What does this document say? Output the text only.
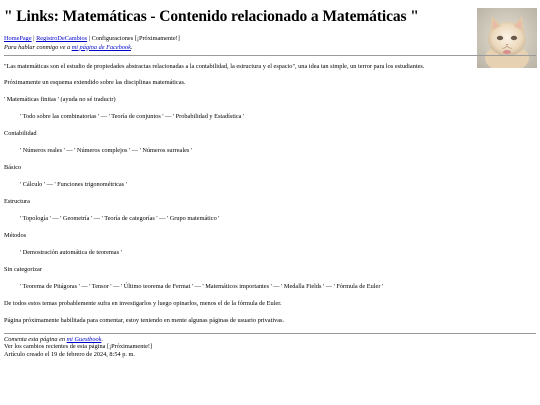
" Links: Matemáticas - Contenido relacionado a Matemáticas "
HomePage | RegistroDeCambios | Configuraciones [¡Próximamente!]
Para hablar conmigo ve a mi página de Facebook.

"Las matemáticas son el estudio de propiedades abstractas relacionadas a la contabilidad, la estructura y el espacio", una idea tan simple, un terror para los estudiantes.

Próximamente un esquema extendido sobre las disciplinas matemáticas.

' Matemáticas finitas ' (ayuda no sé traducir)

' Todo sobre las combinatorias ' — ' Teoría de conjuntos ' — ' Probabilidad y Estadística '

Contabilidad

' Números reales ' — ' Números complejos ' — ' Números surreales '

Básico

' Cálculo ' — ' Funciones trigonométricas '

Estructura

' Topología ' — ' Geometría ' — ' Teoría de categorías ' — ' Grupo matemático '

Métodos

' Demostración automática de teoremas '

Sin categorizar

' Teorema de Pitágoras ' — ' Tensor ' — ' Último teorema de Fermat ' — ' Matemáticos importantes ' — ' Medalla Fields ' — ' Fórmula de Euler '

De todos estos temas probablemente sufra en investigarlos y luego opinarlos, menos el de la fórmula de Euler.

Página próximamente habilitada para comentar, estoy teniendo en mente algunas páginas de usuario privativas.

Comenta esta página en mi Guestbook.
Ver los cambios recientes de esta página [¡Próximamente!]
Artículo creado el 19 de febrero de 2024, 8:54 p. m.
